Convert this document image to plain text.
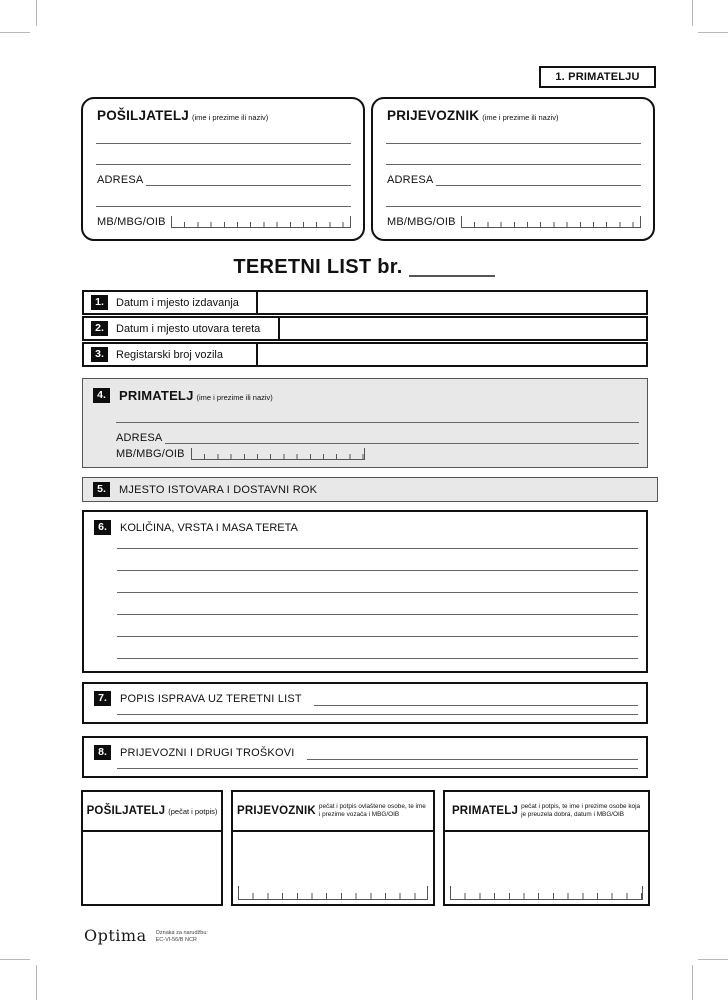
1. PRIMATELJU
POŠILJATELJ (ime i prezime ili naziv)
ADRESA
MB/MBG/OIB
PRIJEVOZNIK (ime i prezime ili naziv)
ADRESA
MB/MBG/OIB
TERETNI LIST br.
1.	Datum i mjesto izdavanja
2.	Datum i mjesto utovara tereta
3.	Registarski broj vozila
4.	PRIMATELJ (ime i prezime ili naziv)
ADRESA
MB/MBG/OIB
5.	MJESTO ISTOVARA I DOSTAVNI ROK
6.	KOLIČINA, VRSTA I MASA TERETA
7.	POPIS ISPRAVA UZ TERETNI LIST
8.	PRIJEVOZNI I DRUGI TROŠKOVI
POŠILJATELJ (pečat i potpis) PRIJEVOZNIK pečat i potpis ovlaštene osobe, te ime i prezime vozača i MBG/OIB	PRIMATELJ pečat i potpis, te ime i prezime osobe koja je preuzela dobra, datum i MBG/OIB
Optima Oznaka za narudžbu:
EC-VI-56/B NCR
